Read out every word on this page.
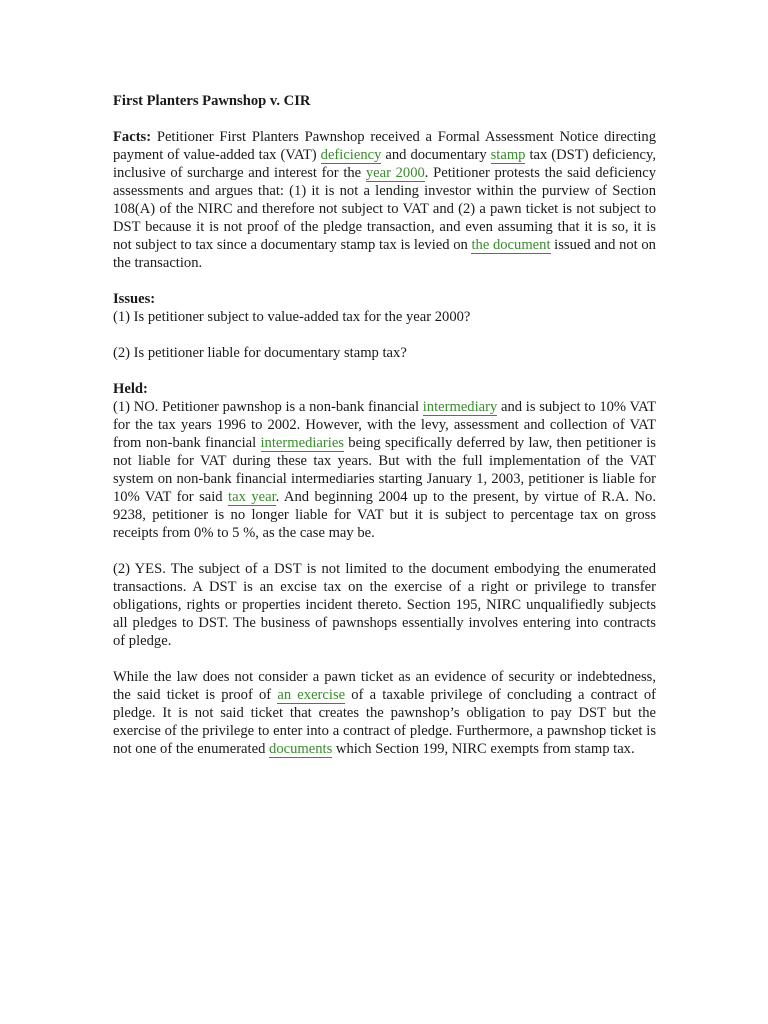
First Planters Pawnshop v. CIR

Facts: Petitioner First Planters Pawnshop received a Formal Assessment Notice directing payment of value-added tax (VAT) deficiency and documentary stamp tax (DST) deficiency, inclusive of surcharge and interest for the year 2000. Petitioner protests the said deficiency assessments and argues that: (1) it is not a lending investor within the purview of Section 108(A) of the NIRC and therefore not subject to VAT and (2) a pawn ticket is not subject to DST because it is not proof of the pledge transaction, and even assuming that it is so, it is not subject to tax since a documentary stamp tax is levied on the document issued and not on the transaction.

Issues:

(1) Is petitioner subject to value-added tax for the year 2000?

(2) Is petitioner liable for documentary stamp tax?

Held:

(1) NO. Petitioner pawnshop is a non-bank financial intermediary and is subject to 10% VAT for the tax years 1996 to 2002. However, with the levy, assessment and collection of VAT from non-bank financial intermediaries being specifically deferred by law, then petitioner is not liable for VAT during these tax years. But with the full implementation of the VAT system on non-bank financial intermediaries starting January 1, 2003, petitioner is liable for 10% VAT for said tax year. And beginning 2004 up to the present, by virtue of R.A. No. 9238, petitioner is no longer liable for VAT but it is subject to percentage tax on gross receipts from 0% to 5 %, as the case may be.

(2) YES. The subject of a DST is not limited to the document embodying the enumerated transactions. A DST is an excise tax on the exercise of a right or privilege to transfer obligations, rights or properties incident thereto. Section 195, NIRC unqualifiedly subjects all pledges to DST. The business of pawnshops essentially involves entering into contracts of pledge.

While the law does not consider a pawn ticket as an evidence of security or indebtedness, the said ticket is proof of an exercise of a taxable privilege of concluding a contract of pledge. It is not said ticket that creates the pawnshop’s obligation to pay DST but the exercise of the privilege to enter into a contract of pledge. Furthermore, a pawnshop ticket is not one of the enumerated documents which Section 199, NIRC exempts from stamp tax.
